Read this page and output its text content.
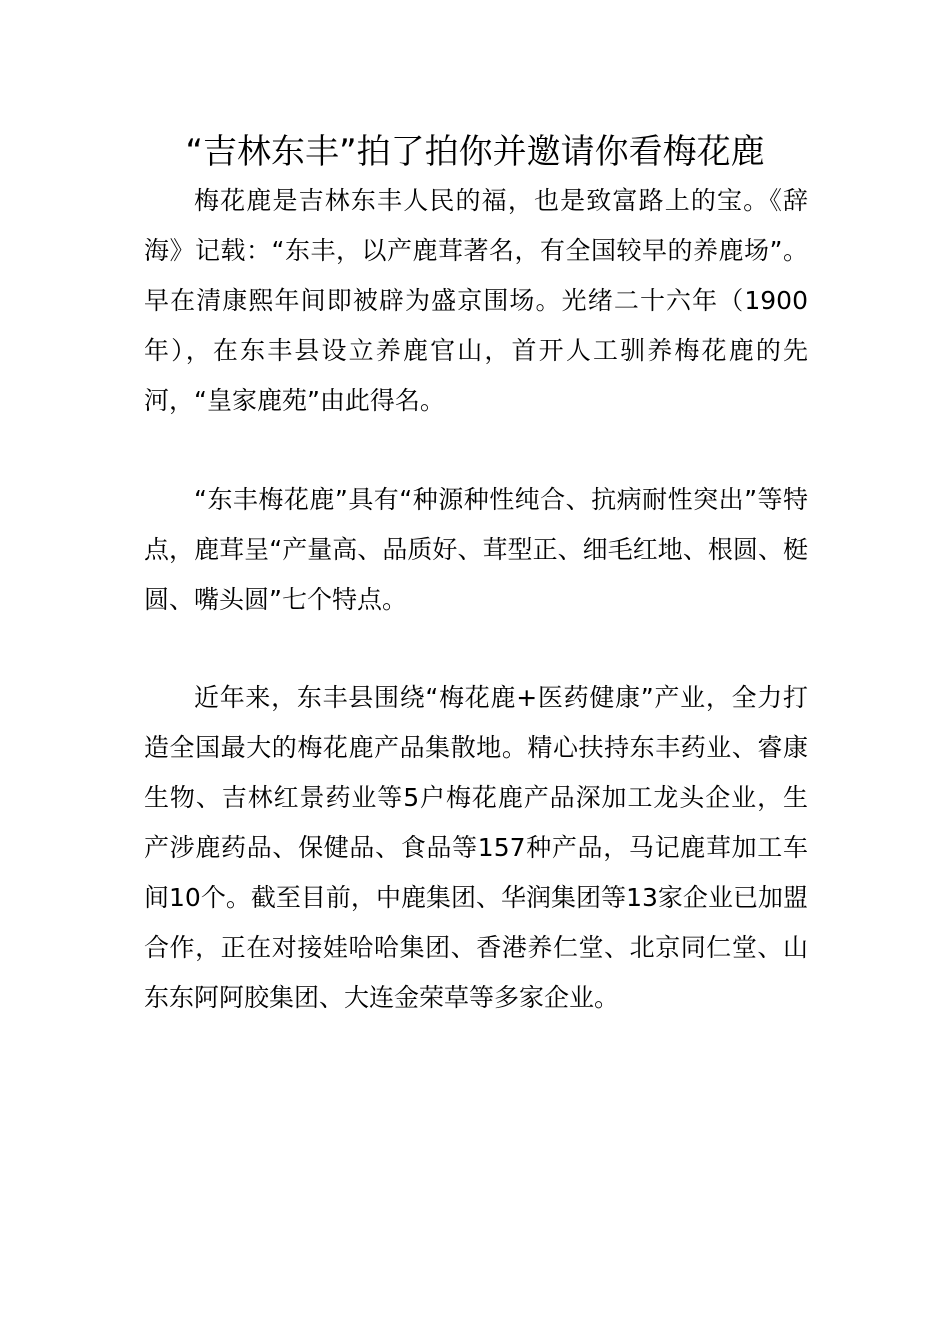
“吉林东丰”拍了拍你并邀请你看梅花鹿

梅花鹿是吉林东丰人民的福，也是致富路上的宝。《辞海》记载：“东丰，以产鹿茸著名，有全国较早的养鹿场”。早在清康熙年间即被辟为盛京围场。光绪二十六年（1900年），在东丰县设立养鹿官山，首开人工驯养梅花鹿的先河，“皇家鹿苑”由此得名。

“东丰梅花鹿”具有“种源种性纯合、抗病耐性突出”等特点，鹿茸呈“产量高、品质好、茸型正、细毛红地、根圆、梃圆、嘴头圆”七个特点。

近年来，东丰县围绕“梅花鹿+医药健康”产业，全力打造全国最大的梅花鹿产品集散地。精心扶持东丰药业、睿康生物、吉林红景药业等5户梅花鹿产品深加工龙头企业，生产涉鹿药品、保健品、食品等157种产品，马记鹿茸加工车间10个。截至目前，中鹿集团、华润集团等13家企业已加盟合作，正在对接娃哈哈集团、香港养仁堂、北京同仁堂、山东东阿阿胶集团、大连金荣草等多家企业。
